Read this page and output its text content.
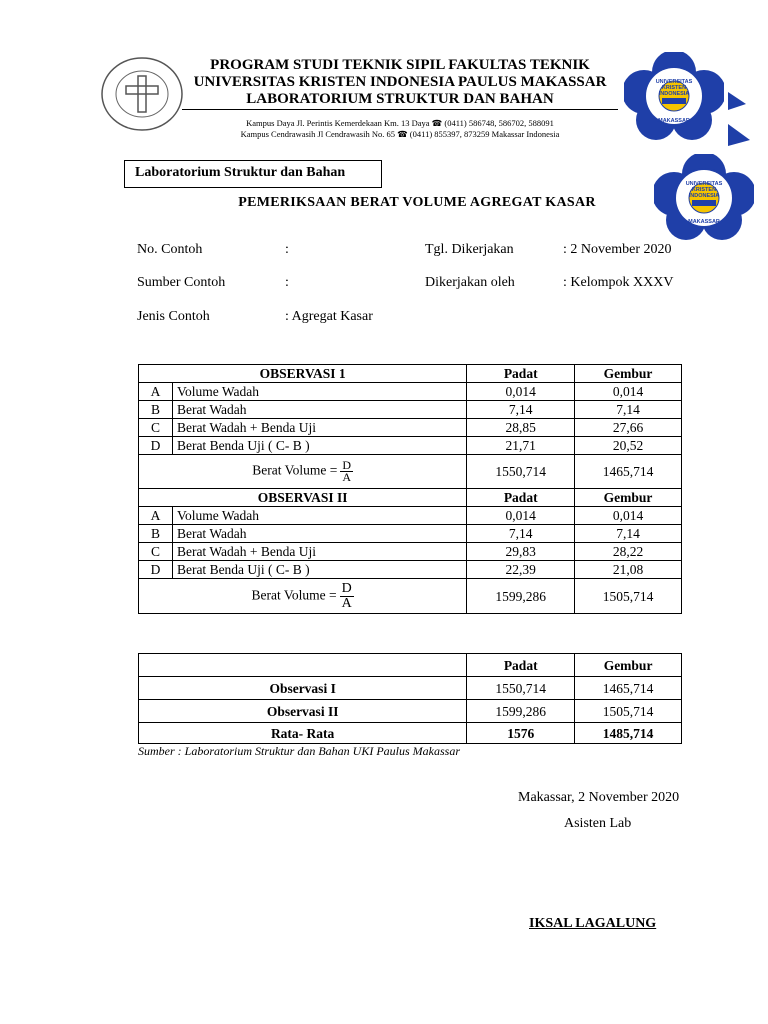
PROGRAM STUDI TEKNIK SIPIL FAKULTAS TEKNIK
UNIVERSITAS KRISTEN INDONESIA PAULUS MAKASSAR
LABORATORIUM STRUKTUR DAN BAHAN
Kampus Daya Jl. Perintis Kemerdekaan Km. 13 Daya ☎ (0411) 586748, 586702, 588091
Kampus Cendrawasih Jl Cendrawasih No. 65 ☎ (0411) 855397, 873259 Makassar Indonesia
UNIVERSITAS KRISTEN INDONESIA
MAKASSAR
UNIVERSITAS KRISTEN INDONESIA
MAKASSAR
Laboratorium Struktur dan Bahan
PEMERIKSAAN BERAT VOLUME AGREGAT KASAR
No. Contoh	:	Tgl. Dikerjakan	: 2 November 2020
Sumber Contoh	:	Dikerjakan oleh	: Kelompok XXXV
Jenis Contoh	: Agregat Kasar
OBSERVASI 1		Padat	Gembur
A	Volume Wadah	0,014	0,014
B	Berat Wadah	7,14	7,14
C	Berat Wadah + Benda Uji	28,85	27,66
D	Berat Benda Uji ( C- B )	21,71	20,52
Berat Volume = $\frac{D}{A}$		1550,714	1465,714
OBSERVASI II		Padat	Gembur
A	Volume Wadah	0,014	0,014
B	Berat Wadah	7,14	7,14
C	Berat Wadah + Benda Uji	29,83	28,22
D	Berat Benda Uji ( C- B )	22,39	21,08
Berat Volume = $\frac{D}{A}$		1599,286	1505,714
	Padat	Gembur
Observasi I	1550,714	1465,714
Observasi II	1599,286	1505,714
Rata- Rata	1576	1485,714
Sumber : Laboratorium Struktur dan Bahan UKI Paulus Makassar
Makassar, 2 November 2020
Asisten Lab
IKSAL LAGALUNG
